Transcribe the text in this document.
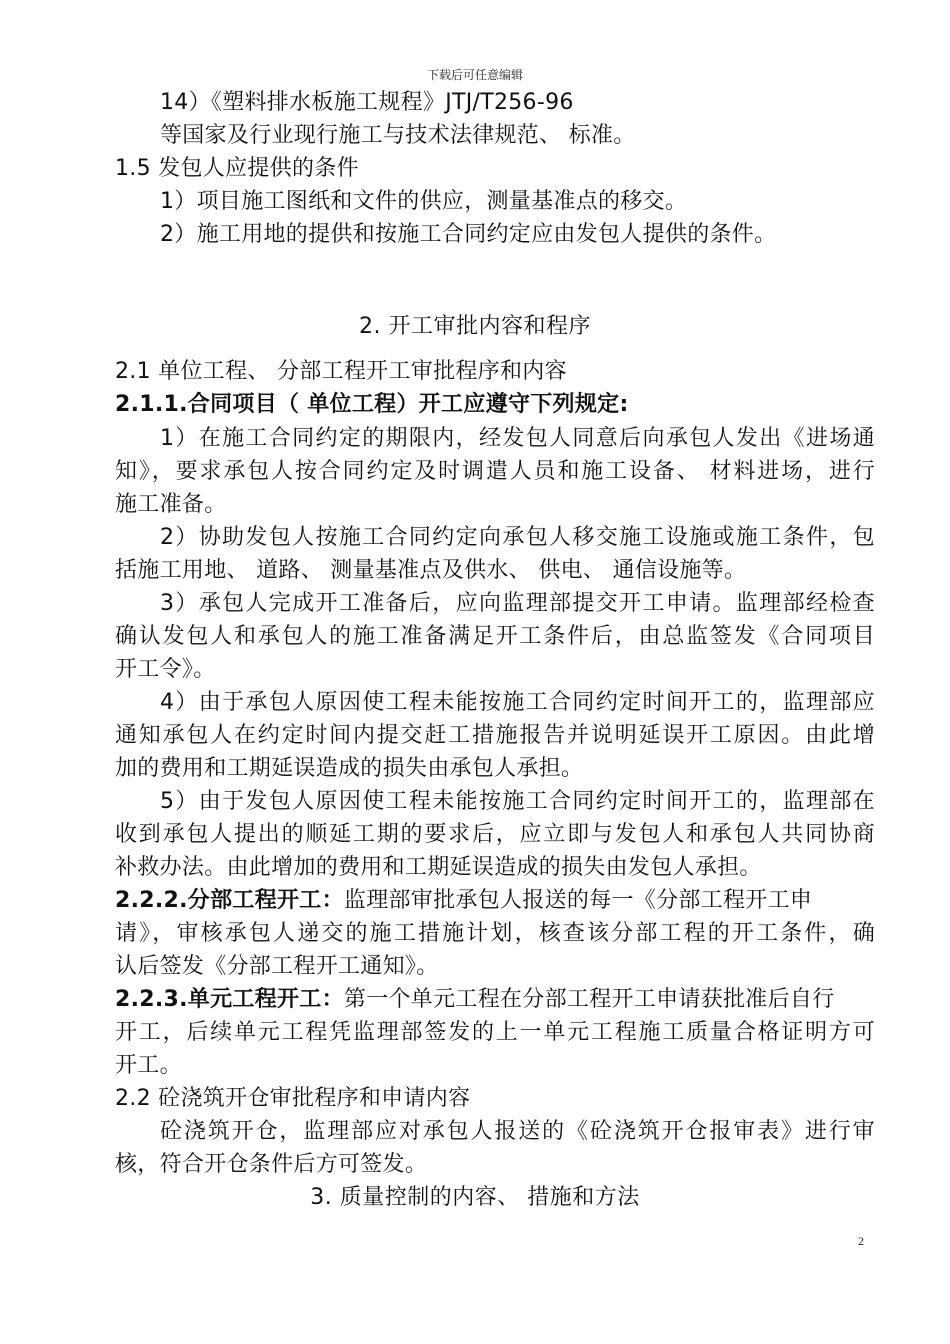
下载后可任意编辑
14）《塑料排水板施工规程》JTJ/T256-96
等国家及行业现行施工与技术法律规范、 标准。
1.5 发包人应提供的条件
1）项目施工图纸和文件的供应，测量基准点的移交。
2）施工用地的提供和按施工合同约定应由发包人提供的条件。
2. 开工审批内容和程序
2.1 单位工程、 分部工程开工审批程序和内容
2.1.1.合同项目（ 单位工程）开工应遵守下列规定:
1）在施工合同约定的期限内，经发包人同意后向承包人发出《进场通
知》，要求承包人按合同约定及时调遣人员和施工设备、 材料进场，进行
施工准备。
2）协助发包人按施工合同约定向承包人移交施工设施或施工条件，包
括施工用地、 道路、 测量基准点及供水、 供电、 通信设施等。
3）承包人完成开工准备后，应向监理部提交开工申请。监理部经检查
确认发包人和承包人的施工准备满足开工条件后，由总监签发《合同项目
开工令》。
4）由于承包人原因使工程未能按施工合同约定时间开工的，监理部应
通知承包人在约定时间内提交赶工措施报告并说明延误开工原因。由此增
加的费用和工期延误造成的损失由承包人承担。
5）由于发包人原因使工程未能按施工合同约定时间开工的，监理部在
收到承包人提出的顺延工期的要求后，应立即与发包人和承包人共同协商
补救办法。由此增加的费用和工期延误造成的损失由发包人承担。
2.2.2.分部工程开工：监理部审批承包人报送的每一《分部工程开工申
请》，审核承包人递交的施工措施计划，核查该分部工程的开工条件，确
认后签发《分部工程开工通知》。
2.2.3.单元工程开工：第一个单元工程在分部工程开工申请获批准后自行
开工，后续单元工程凭监理部签发的上一单元工程施工质量合格证明方可
开工。
2.2 砼浇筑开仓审批程序和申请内容
砼浇筑开仓，监理部应对承包人报送的《砼浇筑开仓报审表》进行审
核，符合开仓条件后方可签发。
3. 质量控制的内容、 措施和方法
2
